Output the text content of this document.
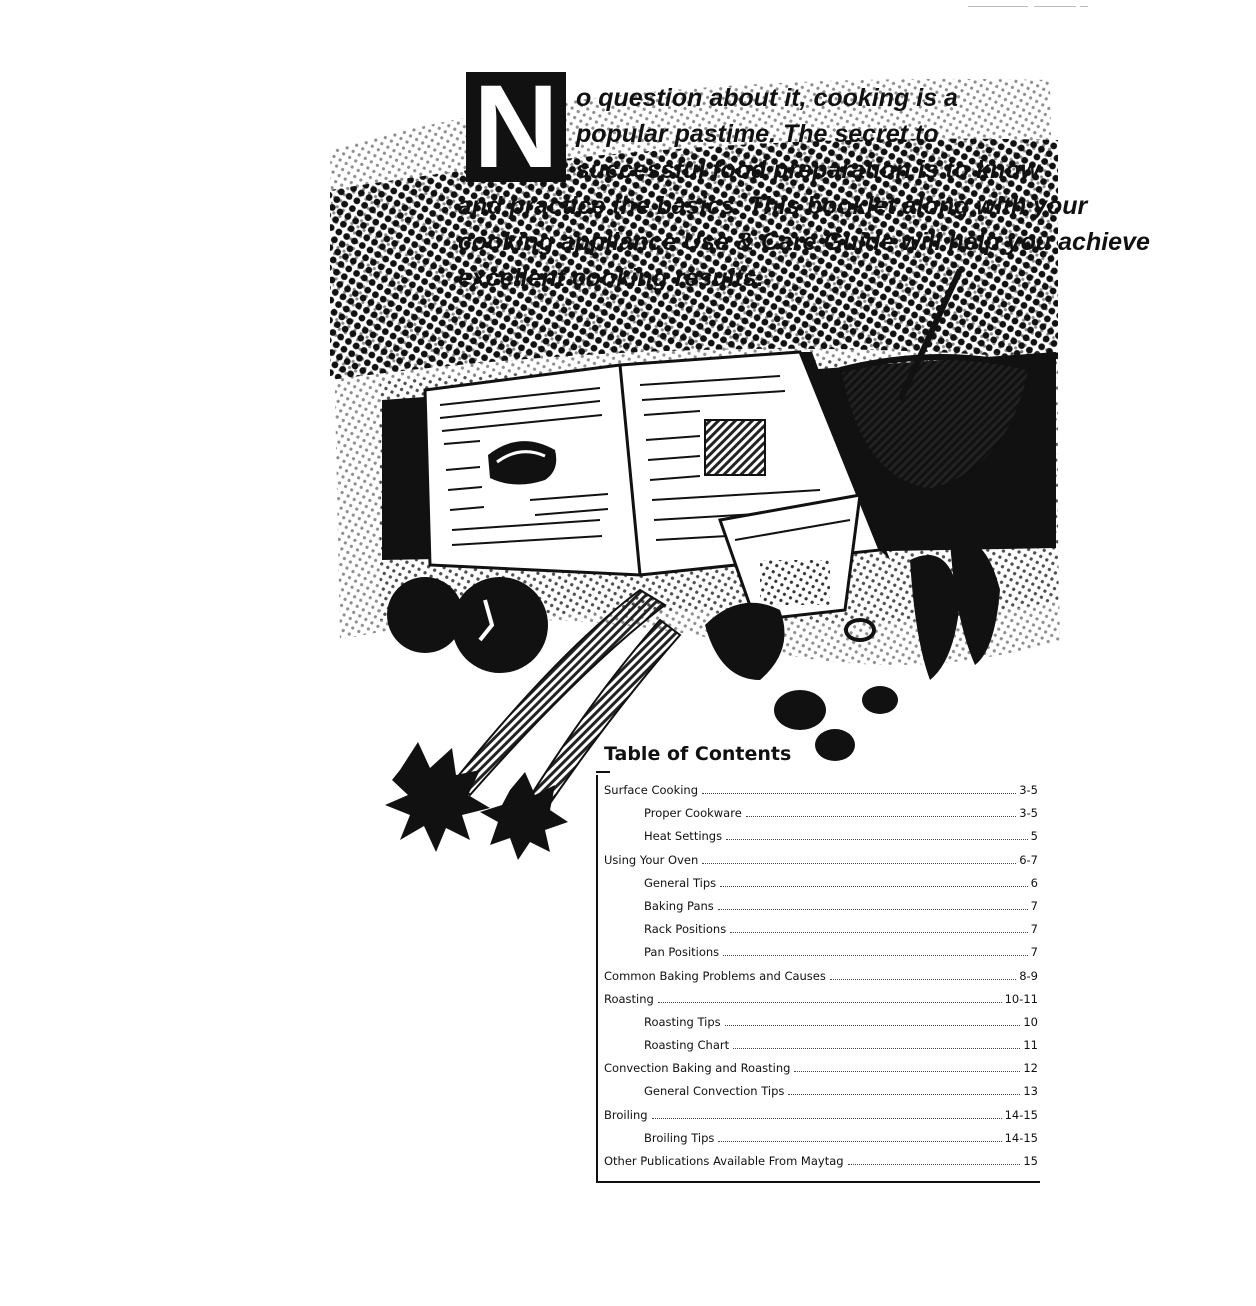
N o question about it, cooking is a
popular pastime. The secret to
successful food preparation is to know
and practice the basics. This booklet along with your
cooking appliance Use & Care Guide will help you achieve
excellent cooking results.
Table of Contents
Surface Cooking	3-5
Proper Cookware	3-5
Heat Settings	5
Using Your Oven	6-7
General Tips	6
Baking Pans	7
Rack Positions	7
Pan Positions	7
Common Baking Problems and Causes	8-9
Roasting	10-11
Roasting Tips	10
Roasting Chart	11
Convection Baking and Roasting	12
General Convection Tips	13
Broiling	14-15
Broiling Tips	14-15
Other Publications Available From Maytag	15
